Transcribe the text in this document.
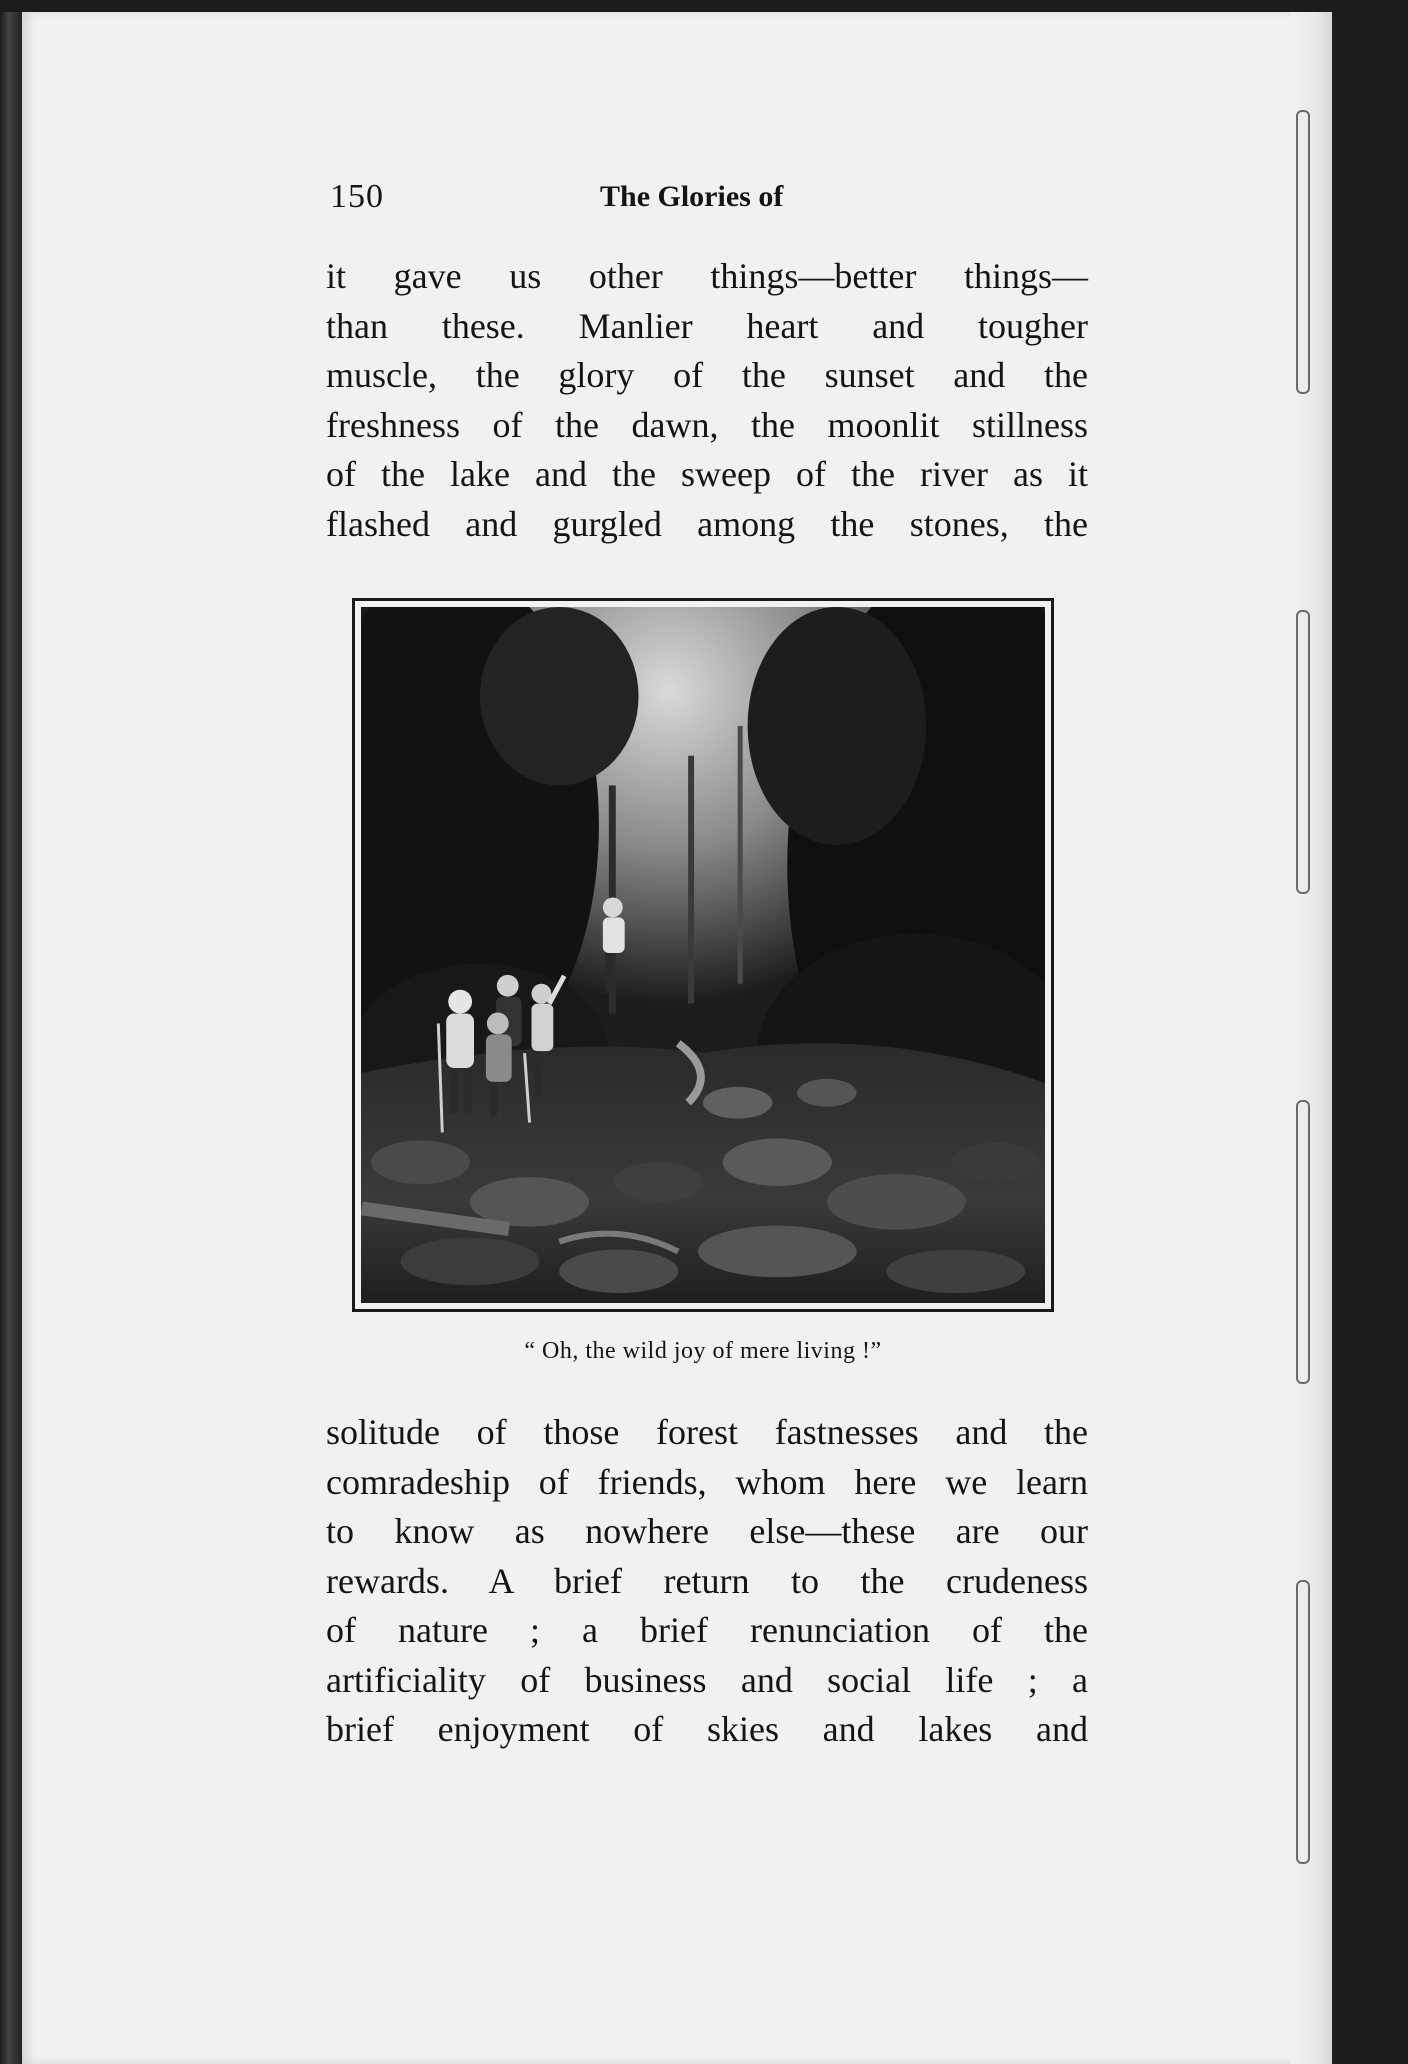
150	The Glories of
it gave us other things—better things—
than these. Manlier heart and tougher
muscle, the glory of the sunset and the
freshness of the dawn, the moonlit stillness
of the lake and the sweep of the river as it
flashed and gurgled among the stones, the
“ Oh, the wild joy of mere living !”
solitude of those forest fastnesses and the
comradeship of friends, whom here we learn
to know as nowhere else—these are our
rewards. A brief return to the crudeness
of nature ; a brief renunciation of the
artificiality of business and social life ; a
brief enjoyment of skies and lakes and
